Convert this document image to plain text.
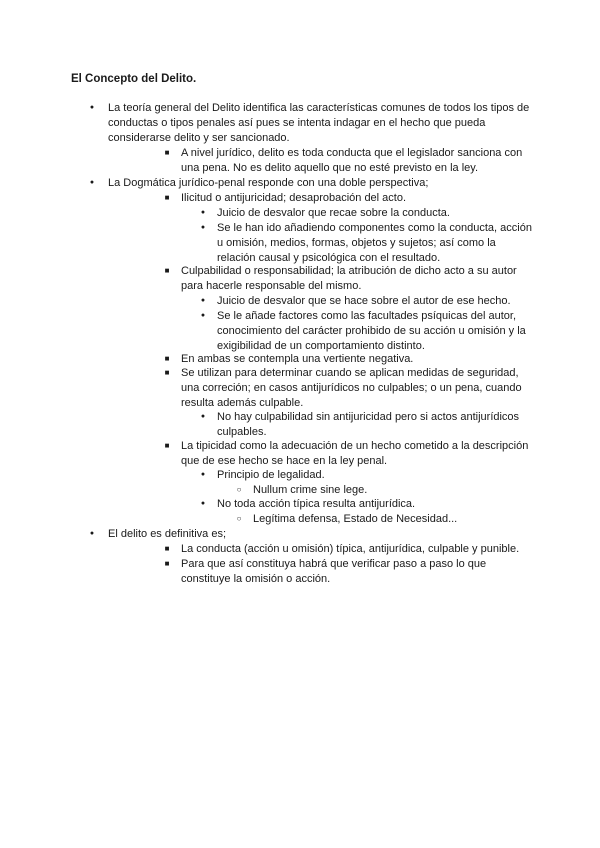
El Concepto del Delito.
●
La teoría general del Delito identifica las características comunes de todos los tipos de conductas o tipos penales así pues se intenta indagar en el hecho que pueda considerarse delito y ser sancionado.
■
A nivel jurídico, delito es toda conducta que el legislador sanciona con una pena. No es delito aquello que no esté previsto en la ley.
●
La Dogmática jurídico-penal responde con una doble perspectiva;
■
Ilicitud o antijuricidad; desaprobación del acto.
●
Juicio de desvalor que recae sobre la conducta.
●
Se le han ido añadiendo componentes como la conducta, acción u omisión, medios, formas, objetos y sujetos; así como la relación causal y psicológica con el resultado.
■
Culpabilidad o responsabilidad; la atribución de dicho acto a su autor para hacerle responsable del mismo.
●
Juicio de desvalor que se hace sobre el autor de ese hecho.
●
Se le añade factores como las facultades psíquicas del autor, conocimiento del carácter prohibido de su acción u omisión y la exigibilidad de un comportamiento distinto.
■
En ambas se contempla una vertiente negativa.
■
Se utilizan para determinar cuando se aplican medidas de seguridad, una correción; en casos antijurídicos no culpables; o un pena, cuando resulta además culpable.
●
No hay culpabilidad sin antijuricidad pero si actos antijurídicos culpables.
■
La tipicidad como la adecuación de un hecho cometido a la descripción que de ese hecho se hace en la ley penal.
●
Principio de legalidad.
○
Nullum crime sine lege.
●
No toda acción típica resulta antijurídica.
○
Legítima defensa, Estado de Necesidad...
●
El delito es definitiva es;
■
La conducta (acción u omisión) típica, antijurídica, culpable y punible.
■
Para que así constituya habrá que verificar paso a paso lo que constituye la omisión o acción.
